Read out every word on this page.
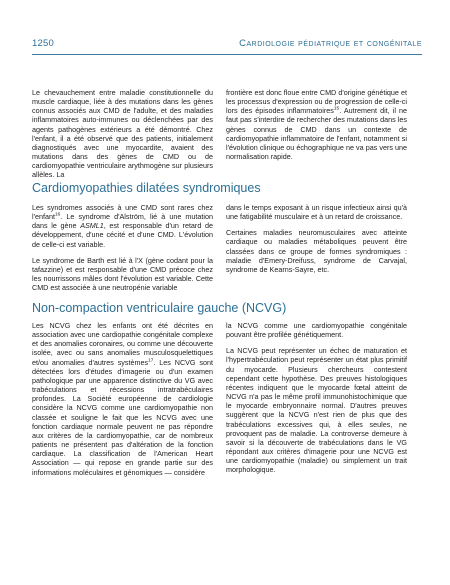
1250	Cardiologie pédiatrique et congénitale

Le chevauchement entre maladie constitutionnelle du muscle cardiaque, liée à des mutations dans les gènes connus associés aux CMD de l'adulte, et des maladies inflammatoires auto-immunes ou déclenchées par des agents pathogènes extérieurs a été démontré. Chez l'enfant, il a été observé que des patients, initialement diagnostiqués avec une myocardite, avaient des mutations dans des gènes de CMD ou de cardiomyopathie ventriculaire arythmogène sur plusieurs allèles. La

frontière est donc floue entre CMD d'origine génétique et les processus d'expression ou de progression de celle-ci lors des épisodes inflammatoires$^{15}$. Autrement dit, il ne faut pas s'interdire de rechercher des mutations dans les gènes connus de CMD dans un contexte de cardiomyopathie inflammatoire de l'enfant, notamment si l'évolution clinique ou échographique ne va pas vers une normalisation rapide.

Cardiomyopathies dilatées syndromiques
Les syndromes associés à une CMD sont rares chez l'enfant$^{16}$. Le syndrome d'Alström, lié à une mutation dans le gène ASML1, est responsable d'un retard de développement, d'une cécité et d'une CMD. L'évolution de celle-ci est variable.
Le syndrome de Barth est lié à l'X (gène codant pour la tafazzine) et est responsable d'une CMD précoce chez les nourrissons mâles dont l'évolution est variable. Cette CMD est associée à une neutropénie variable
dans le temps exposant à un risque infectieux ainsi qu'à une fatigabilité musculaire et à un retard de croissance.
Certaines maladies neuromusculaires avec atteinte cardiaque ou maladies métaboliques peuvent être classées dans ce groupe de formes syndromiques : maladie d'Emery-Dreifuss, syndrome de Carvajal, syndrome de Kearns-Sayre, etc.
Non-compaction ventriculaire gauche (NCVG)

Les NCVG chez les enfants ont été décrites en association avec une cardiopathie congénitale complexe et des anomalies coronaires, ou comme une découverte isolée, avec ou sans anomalies musculosquelettiques et/ou anomalies d'autres systèmes$^{17}$. Les NCVG sont détectées lors d'études d'imagerie ou d'un examen pathologique par une apparence distinctive du VG avec trabéculations et récessions intratrabéculaires profondes. La Société européenne de cardiologie considère la NCVG comme une cardiomyopathie non classée et souligne le fait que les NCVG avec une fonction cardiaque normale peuvent ne pas répondre aux critères de la cardiomyopathie, car de nombreux patients ne présentent pas d'altération de la fonction cardiaque. La classification de l'American Heart Association — qui repose en grande partie sur des informations moléculaires et génomiques — considère

la NCVG comme une cardiomyopathie congénitale pouvant être profilée génétiquement.
La NCVG peut représenter un échec de maturation et l'hypertrabéculation peut représenter un état plus primitif du myocarde. Plusieurs chercheurs contestent cependant cette hypothèse. Des preuves histologiques récentes indiquent que le myocarde fœtal atteint de NCVG n'a pas le même profil immunohistochimique que le myocarde embryonnaire normal. D'autres preuves suggèrent que la NCVG n'est rien de plus que des trabéculations excessives qui, à elles seules, ne provoquent pas de maladie. La controverse demeure à savoir si la découverte de trabéculations dans le VG répondant aux critères d'imagerie pour une NCVG est une cardiomyopathie (maladie) ou simplement un trait morphologique.
